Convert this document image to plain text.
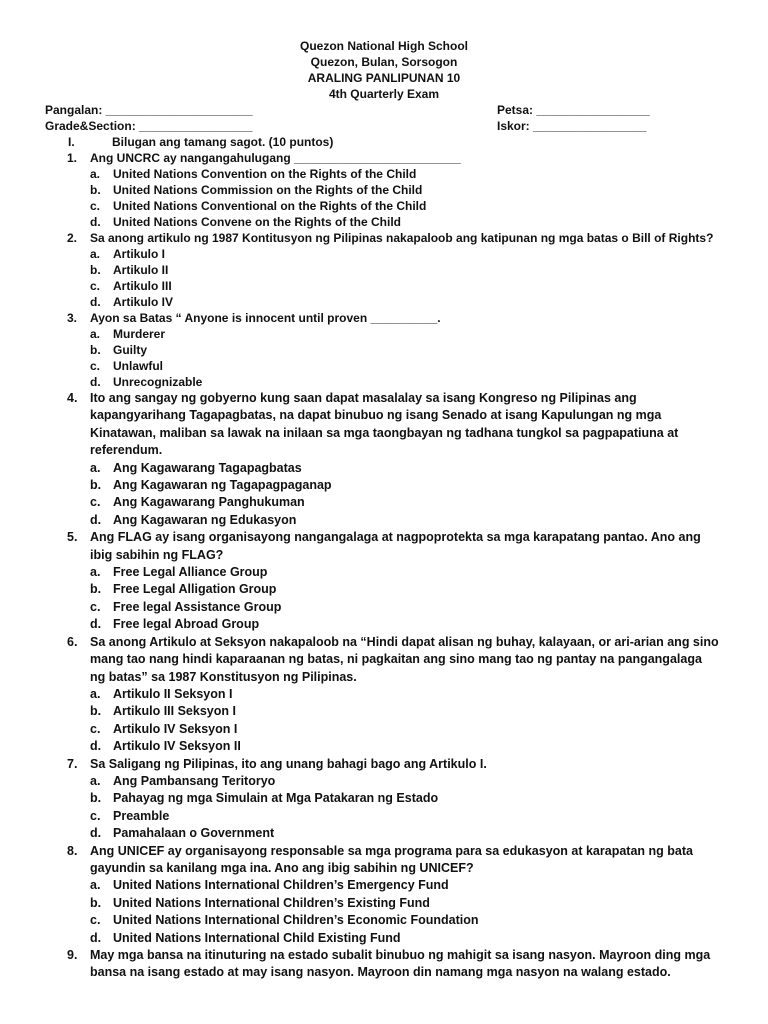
Quezon National High School
Quezon, Bulan, Sorsogon
ARALING PANLIPUNAN 10
4th Quarterly Exam
Pangalan: ______________________
Grade&Section: _________________
Petsa: _________________
Iskor: _________________
I.	Bilugan ang tamang sagot. (10 puntos)
1. Ang UNCRC ay nangangahulugang _________________________
a. United Nations Convention on the Rights of the Child
b. United Nations Commission on the Rights of the Child
c. United Nations Conventional on the Rights of the Child
d. United Nations Convene on the Rights of the Child
2. Sa anong artikulo ng 1987 Kontitusyon ng Pilipinas nakapaloob ang katipunan ng mga batas o Bill of Rights?
a. Artikulo I
b. Artikulo II
c. Artikulo III
d. Artikulo IV
3. Ayon sa Batas “ Anyone is innocent until proven __________.
a. Murderer
b. Guilty
c. Unlawful
d. Unrecognizable
4. Ito ang sangay ng gobyerno kung saan dapat masalalay sa isang Kongreso ng Pilipinas ang kapangyarihang Tagapagbatas, na dapat binubuo ng isang Senado at isang Kapulungan ng mga Kinatawan, maliban sa lawak na inilaan sa mga taongbayan ng tadhana tungkol sa pagpapatiuna at referendum.
a. Ang Kagawarang Tagapagbatas
b. Ang Kagawaran ng Tagapagpaganap
c. Ang Kagawarang Panghukuman
d. Ang Kagawaran ng Edukasyon
5. Ang FLAG ay isang organisayong nangangalaga at nagpoprotekta sa mga karapatang pantao. Ano ang ibig sabihin ng FLAG?
a. Free Legal Alliance Group
b. Free Legal Alligation Group
c. Free legal Assistance Group
d. Free legal Abroad Group
6. Sa anong Artikulo at Seksyon nakapaloob na “Hindi dapat alisan ng buhay, kalayaan, or ari-arian ang sino mang tao nang hindi kaparaanan ng batas, ni pagkaitan ang sino mang tao ng pantay na pangangalaga ng batas” sa 1987 Konstitusyon ng Pilipinas.
a. Artikulo II Seksyon I
b. Artikulo III Seksyon I
c. Artikulo IV Seksyon I
d. Artikulo IV Seksyon II
7. Sa Saligang ng Pilipinas, ito ang unang bahagi bago ang Artikulo I.
a. Ang Pambansang Teritoryo
b. Pahayag ng mga Simulain at Mga Patakaran ng Estado
c. Preamble
d. Pamahalaan o Government
8. Ang UNICEF ay organisayong responsable sa mga programa para sa edukasyon at karapatan ng bata gayundin sa kanilang mga ina. Ano ang ibig sabihin ng UNICEF?
a. United Nations International Children’s Emergency Fund
b. United Nations International Children’s Existing Fund
c. United Nations International Children’s Economic Foundation
d. United Nations International Child Existing Fund
9. May mga bansa na itinuturing na estado subalit binubuo ng mahigit sa isang nasyon. Mayroon ding mga bansa na isang estado at may isang nasyon. Mayroon din namang mga nasyon na walang estado.
